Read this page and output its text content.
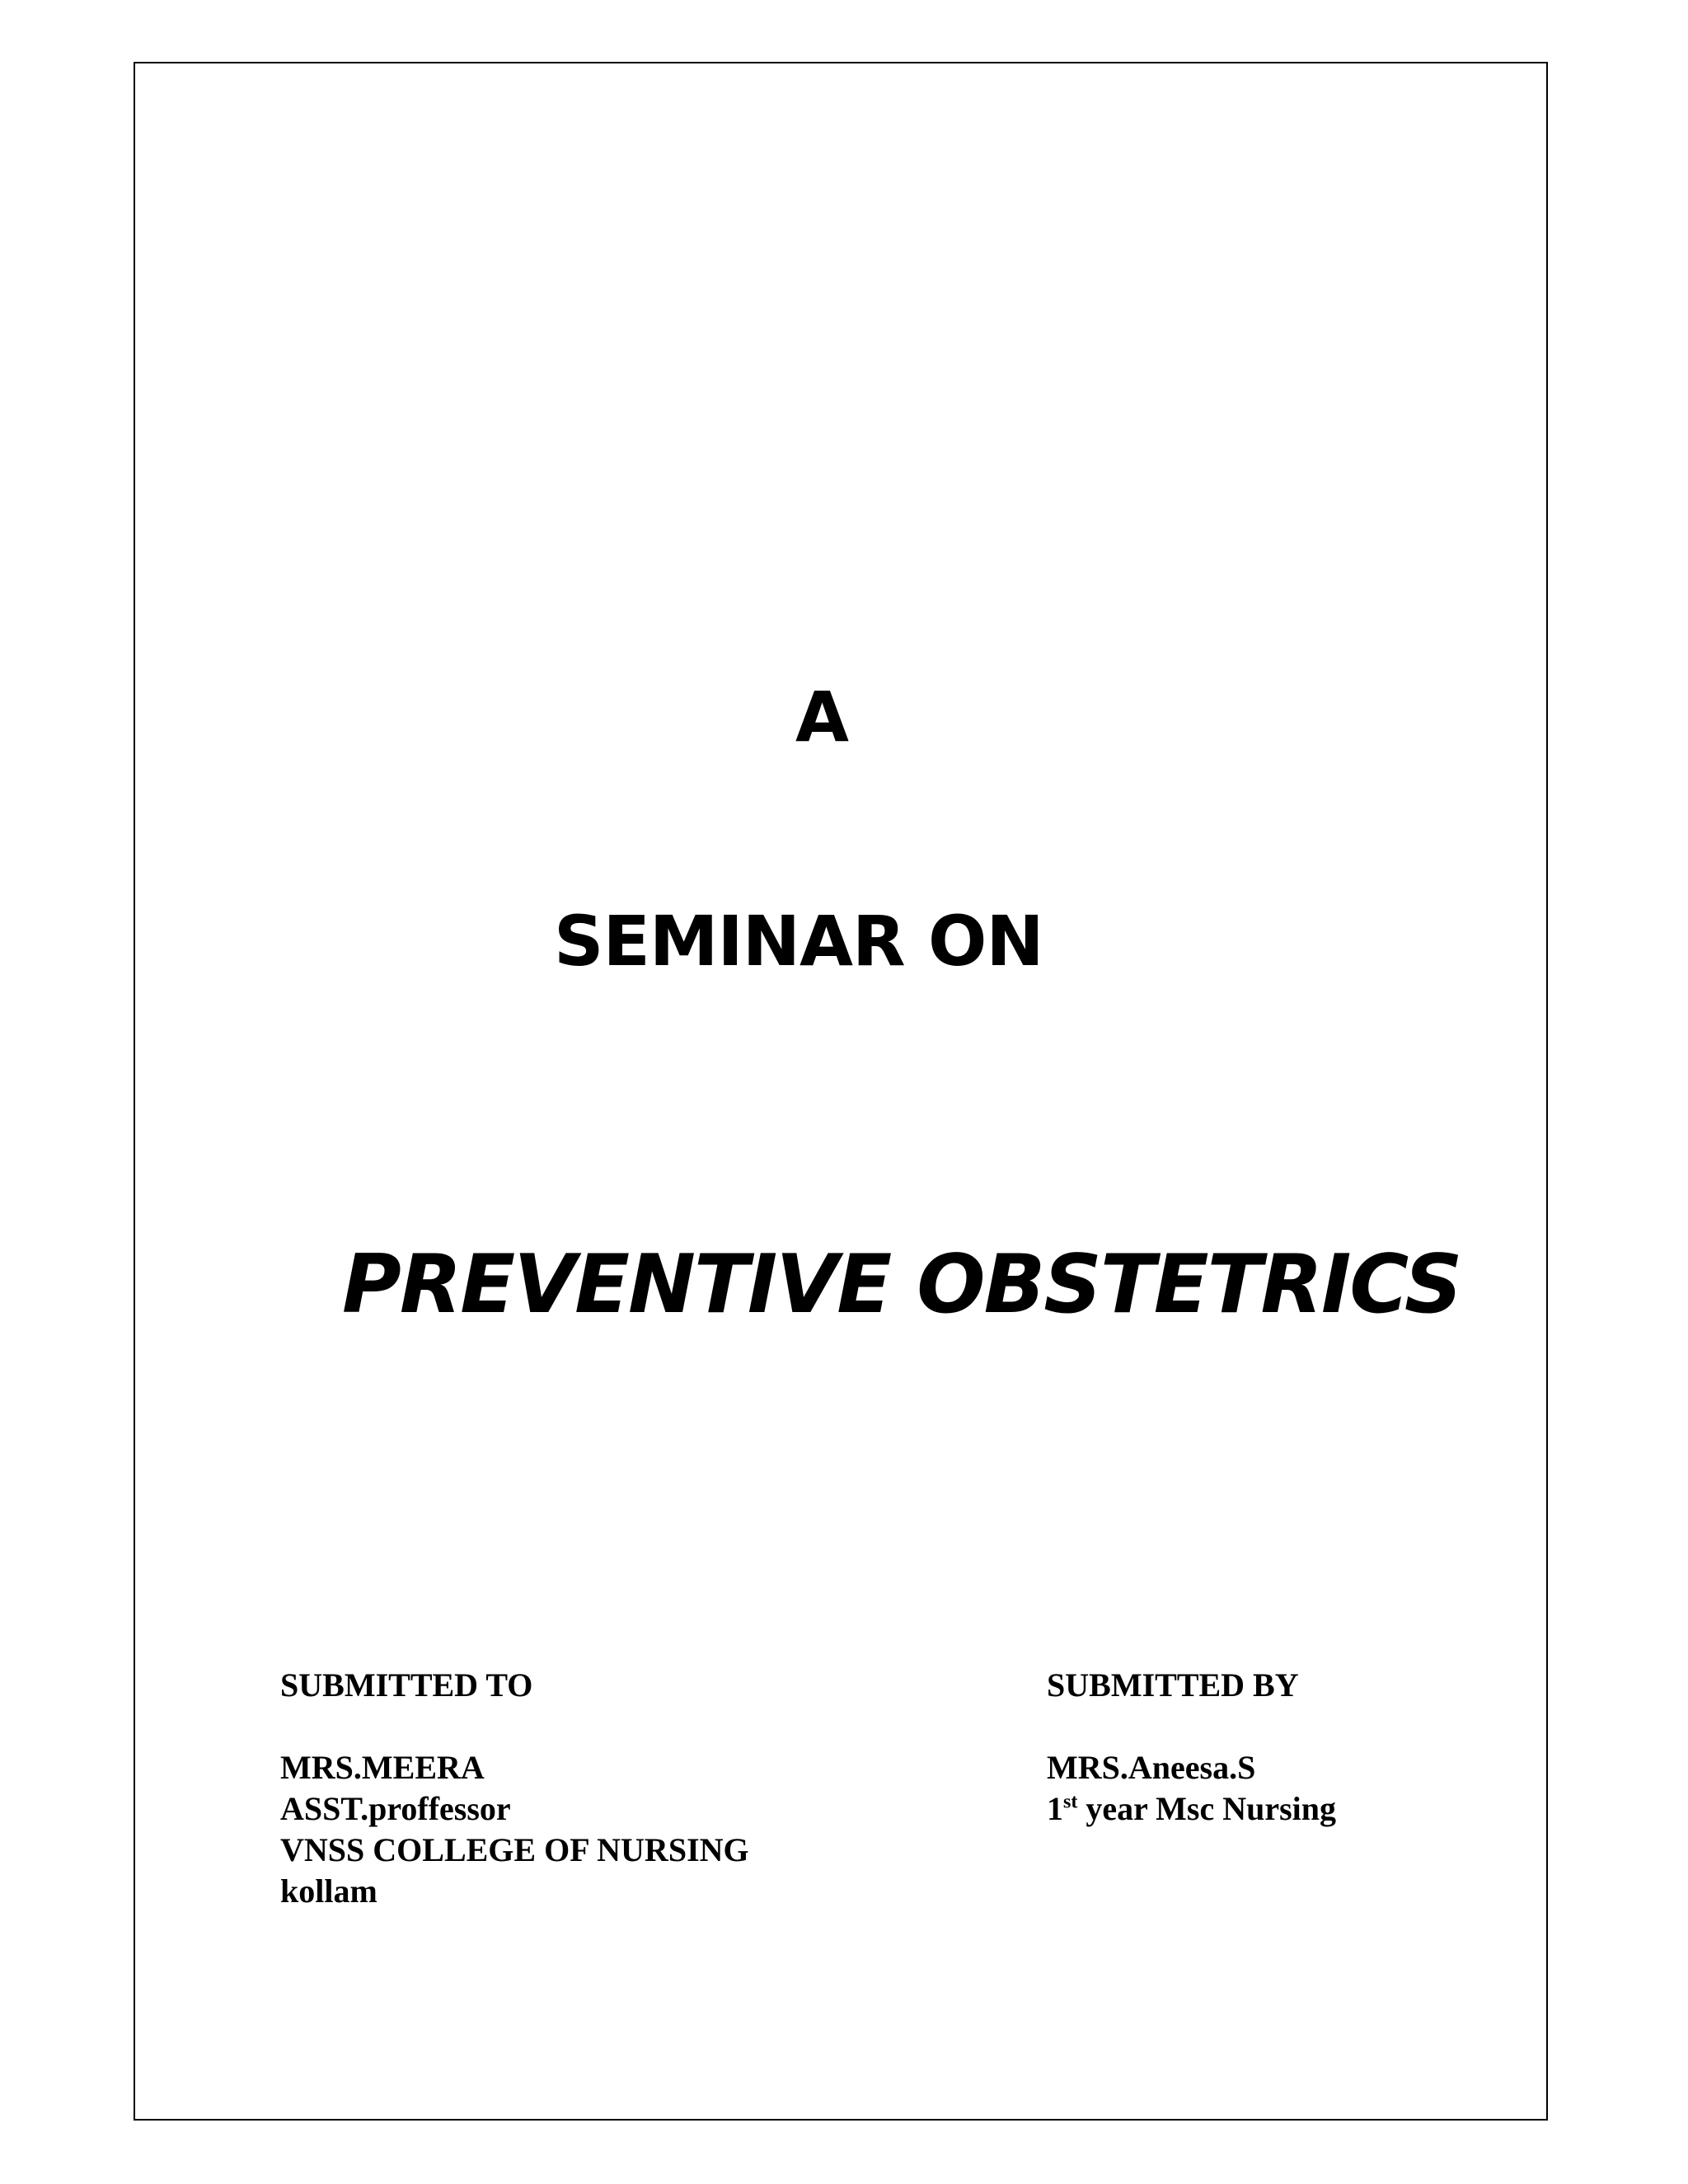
A
SEMINAR ON
PREVENTIVE OBSTETRICS
SUBMITTED TO
MRS.MEERA
ASST.proffessor
VNSS COLLEGE OF NURSING
kollam
SUBMITTED BY
MRS.Aneesa.S
1st year Msc Nursing
